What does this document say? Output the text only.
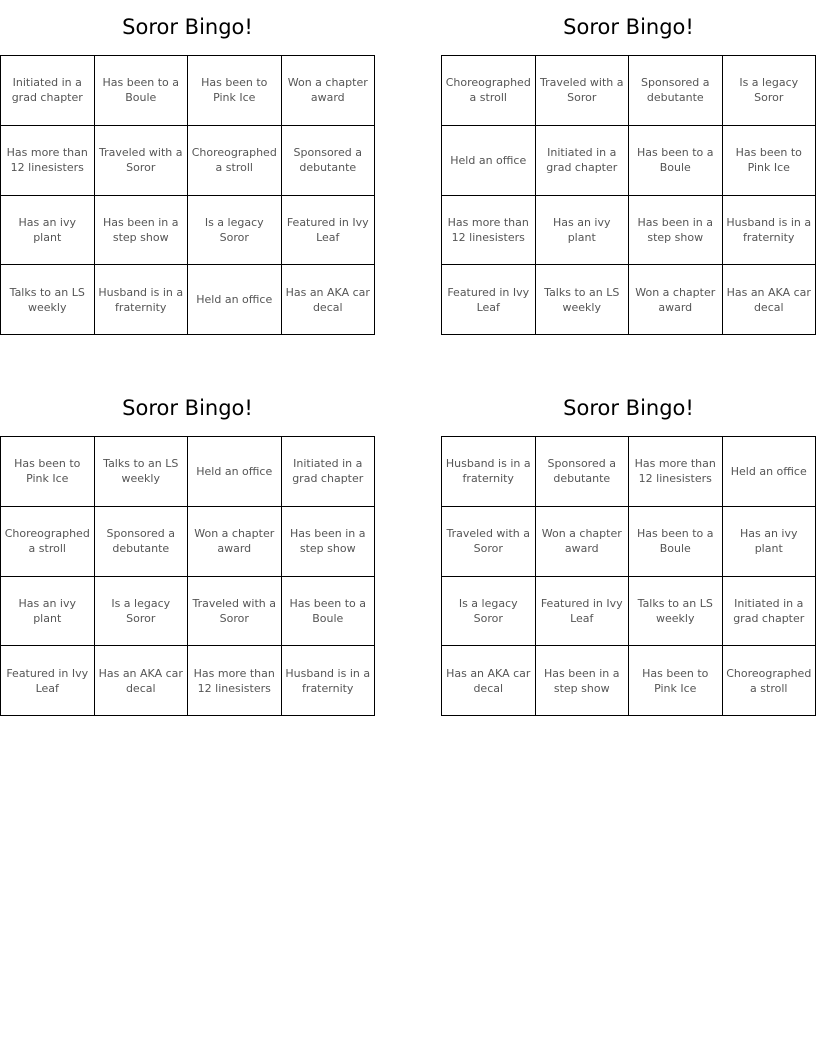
Soror Bingo!
Initiated in a grad chapter
Has been to a Boule
Has been to Pink Ice
Won a chapter award
Has more than 12 linesisters
Traveled with a Soror
Choreographed a stroll
Sponsored a debutante
Has an ivy plant
Has been in a step show
Is a legacy Soror
Featured in Ivy Leaf
Talks to an LS weekly
Husband is in a fraternity
Held an office
Has an AKA car decal
Soror Bingo!
Choreographed a stroll
Traveled with a Soror
Sponsored a debutante
Is a legacy Soror
Held an office
Initiated in a grad chapter
Has been to a Boule
Has been to Pink Ice
Has more than 12 linesisters
Has an ivy plant
Has been in a step show
Husband is in a fraternity
Featured in Ivy Leaf
Talks to an LS weekly
Won a chapter award
Has an AKA car decal
Soror Bingo!
Has been to Pink Ice
Talks to an LS weekly
Held an office
Initiated in a grad chapter
Choreographed a stroll
Sponsored a debutante
Won a chapter award
Has been in a step show
Has an ivy plant
Is a legacy Soror
Traveled with a Soror
Has been to a Boule
Featured in Ivy Leaf
Has an AKA car decal
Has more than 12 linesisters
Husband is in a fraternity
Soror Bingo!
Husband is in a fraternity
Sponsored a debutante
Has more than 12 linesisters
Held an office
Traveled with a Soror
Won a chapter award
Has been to a Boule
Has an ivy plant
Is a legacy Soror
Featured in Ivy Leaf
Talks to an LS weekly
Initiated in a grad chapter
Has an AKA car decal
Has been in a step show
Has been to Pink Ice
Choreographed a stroll
